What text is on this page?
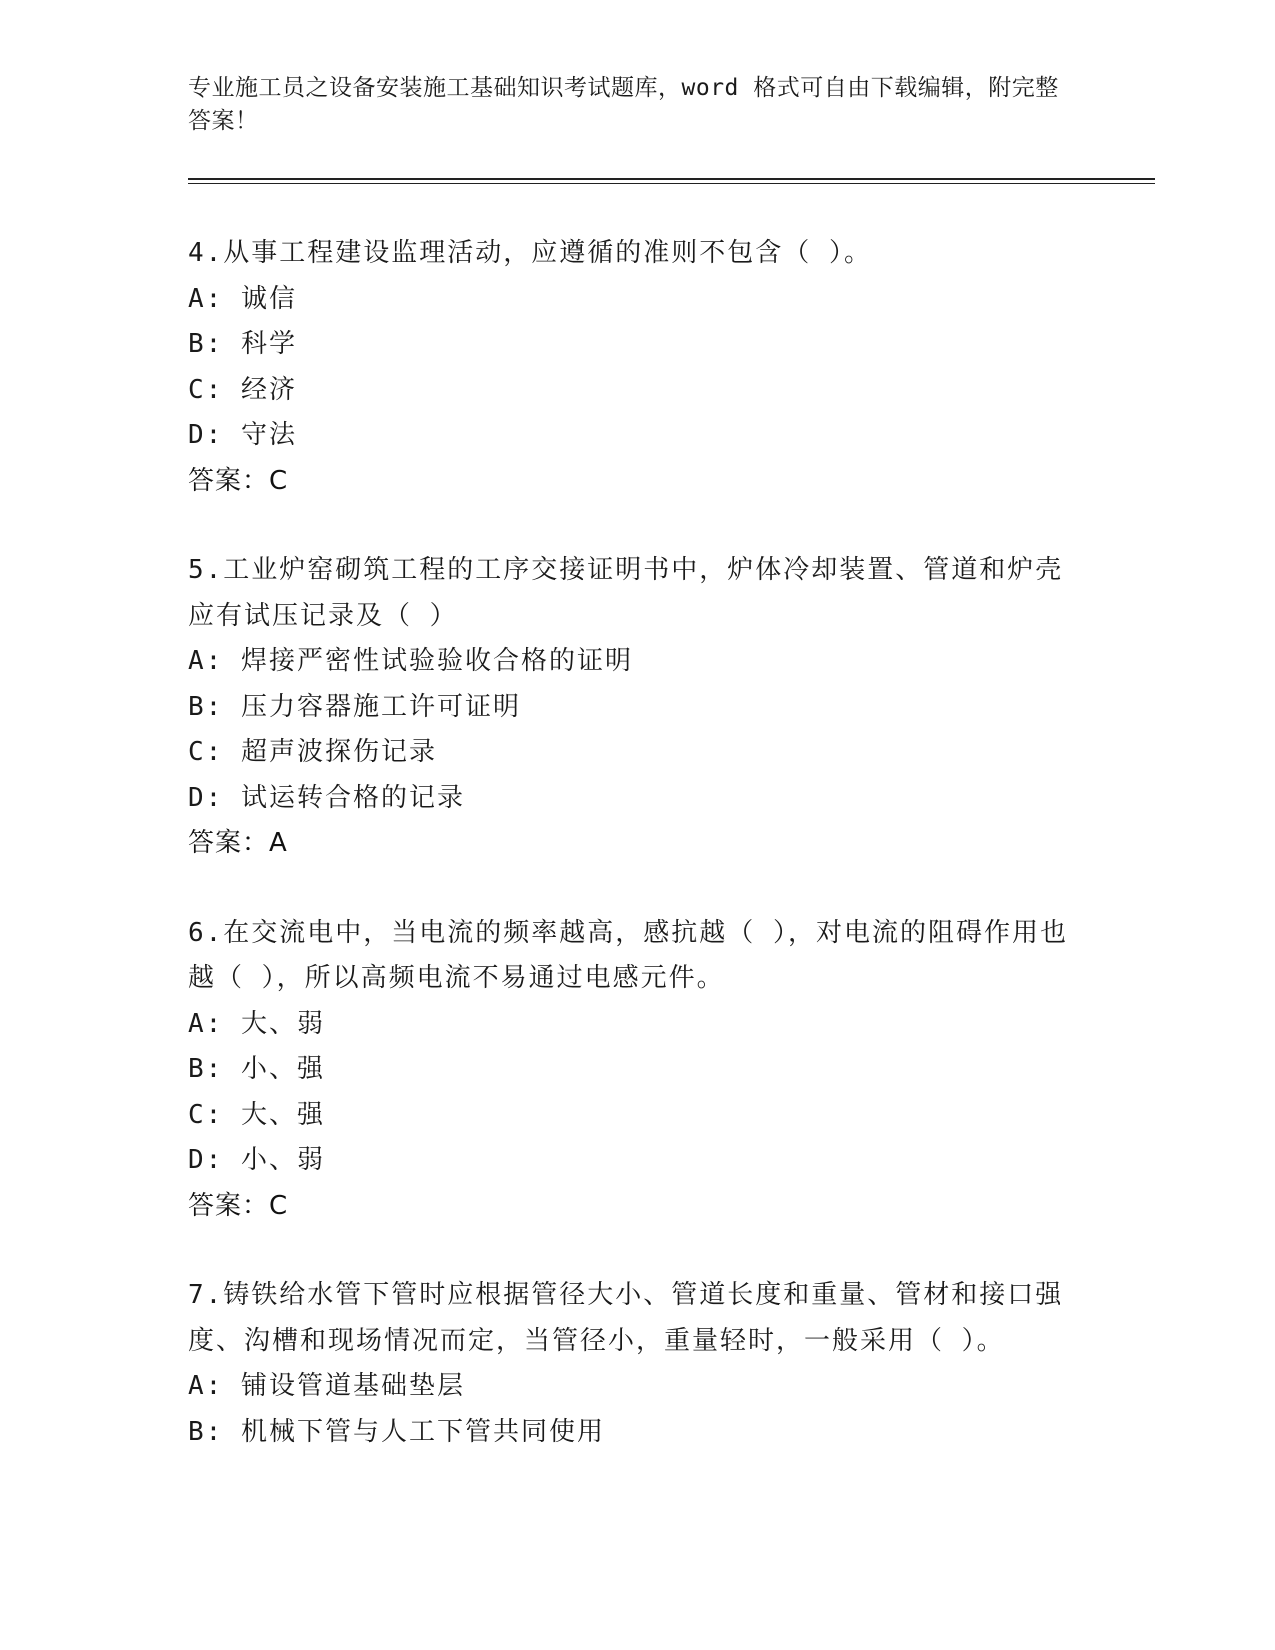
专业施工员之设备安装施工基础知识考试题库，word 格式可自由下载编辑，附完整答案！

4.从事工程建设监理活动，应遵循的准则不包含（ ）。

A: 诚信

B: 科学

C: 经济

D: 守法

答案：C

5.工业炉窑砌筑工程的工序交接证明书中，炉体冷却装置、管道和炉壳应有试压记录及（ ）

A: 焊接严密性试验验收合格的证明

B: 压力容器施工许可证明

C: 超声波探伤记录

D: 试运转合格的记录

答案：A

6.在交流电中，当电流的频率越高，感抗越（ ），对电流的阻碍作用也越（ ），所以高频电流不易通过电感元件。

A: 大、弱

B: 小、强

C: 大、强

D: 小、弱

答案：C

7.铸铁给水管下管时应根据管径大小、管道长度和重量、管材和接口强度、沟槽和现场情况而定，当管径小，重量轻时，一般采用（ ）。

A: 铺设管道基础垫层

B: 机械下管与人工下管共同使用
